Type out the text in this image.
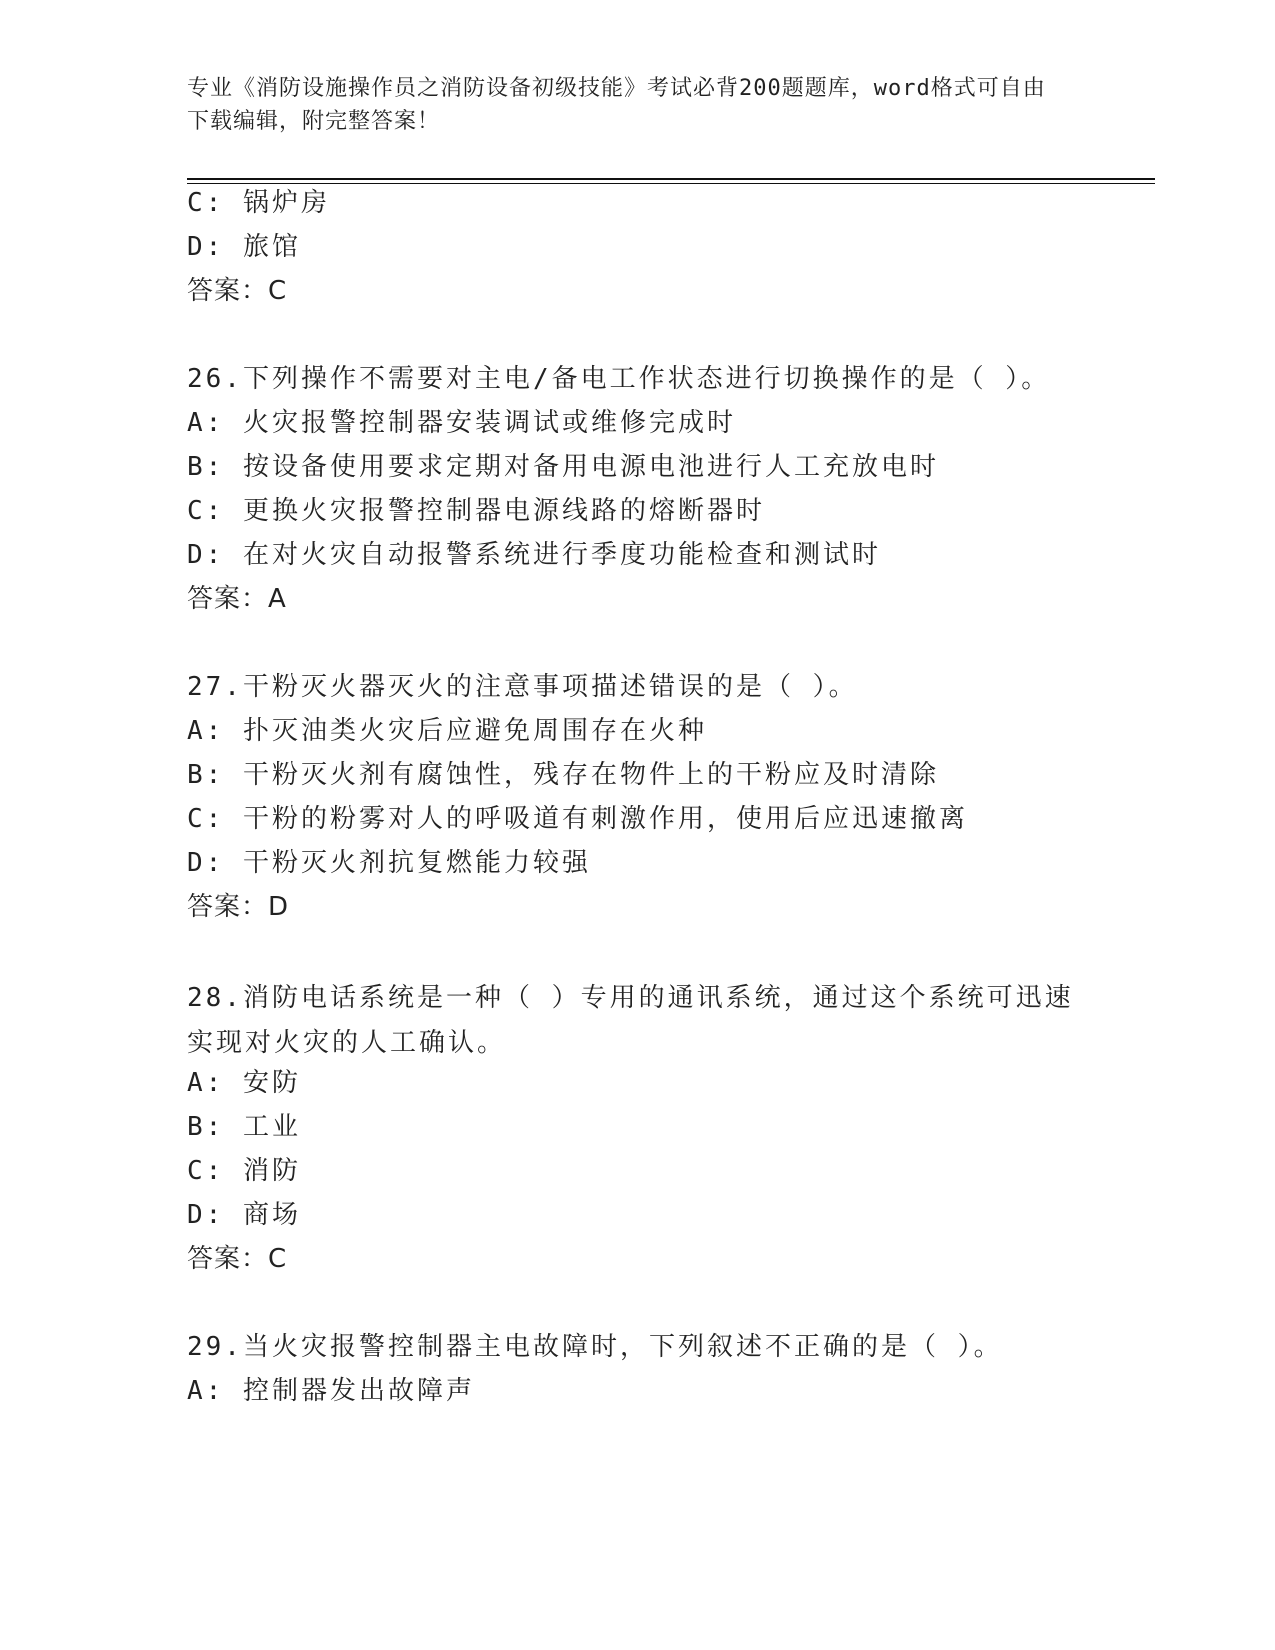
专业《消防设施操作员之消防设备初级技能》考试必背200题题库，word格式可自由下载编辑，附完整答案！
C: 锅炉房
D: 旅馆
答案：C
26.下列操作不需要对主电/备电工作状态进行切换操作的是（ ）。
A: 火灾报警控制器安装调试或维修完成时
B: 按设备使用要求定期对备用电源电池进行人工充放电时
C: 更换火灾报警控制器电源线路的熔断器时
D: 在对火灾自动报警系统进行季度功能检查和测试时
答案：A
27.干粉灭火器灭火的注意事项描述错误的是（ ）。
A: 扑灭油类火灾后应避免周围存在火种
B: 干粉灭火剂有腐蚀性，残存在物件上的干粉应及时清除
C: 干粉的粉雾对人的呼吸道有刺激作用，使用后应迅速撤离
D: 干粉灭火剂抗复燃能力较强
答案：D
28.消防电话系统是一种（ ）专用的通讯系统，通过这个系统可迅速实现对火灾的人工确认。
A: 安防
B: 工业
C: 消防
D: 商场
答案：C
29.当火灾报警控制器主电故障时，下列叙述不正确的是（ ）。
A: 控制器发出故障声
